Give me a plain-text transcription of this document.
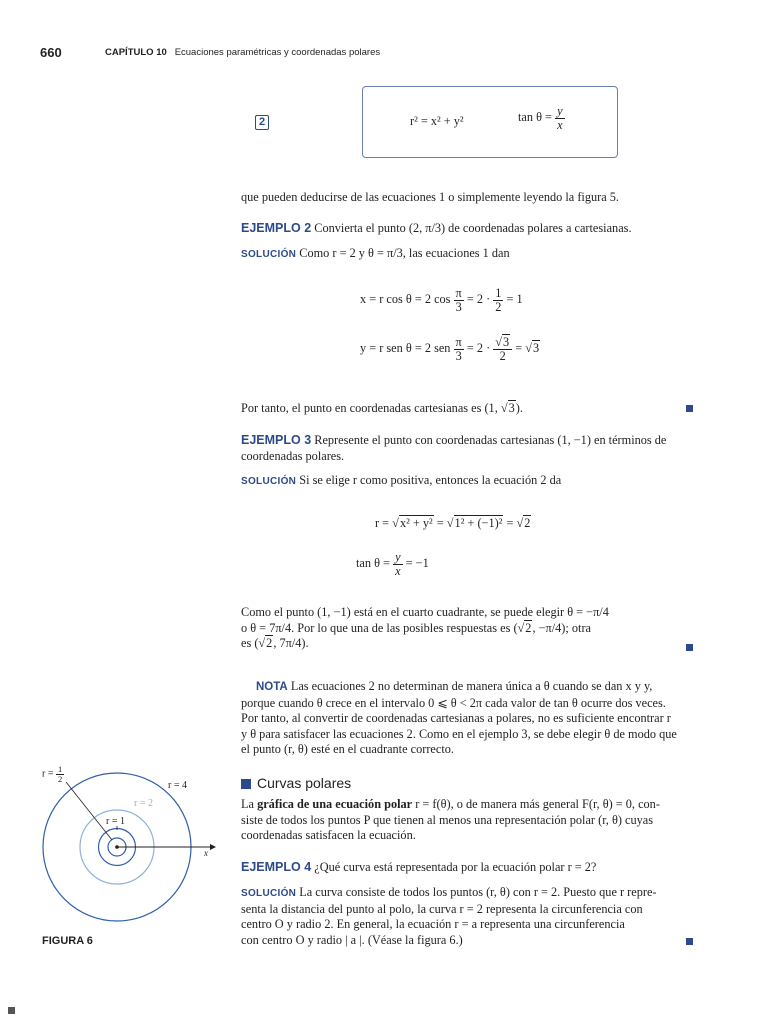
660	CAPÍTULO 10 Ecuaciones paramétricas y coordenadas polares
2	r² = x² + y²	$\tan \theta = \frac{y}{x}$
que pueden deducirse de las ecuaciones 1 o simplemente leyendo la figura 5.
EJEMPLO 2 Convierta el punto (2, π/3) de coordenadas polares a cartesianas.
SOLUCIÓN Como r = 2 y θ = π/3, las ecuaciones 1 dan
x = r cos θ = 2 $\cos \frac{\pi}{3} = 2 \cdot \frac{1}{2} = 1$
y = r sen θ = 2 sen $\frac{\pi}{3} = 2 \cdot \frac{√3}{2} = √3$
Por tanto, el punto en coordenadas cartesianas es (1, √3).
EJEMPLO 3 Represente el punto con coordenadas cartesianas (1, −1) en términos de
coordenadas polares.
SOLUCIÓN Si se elige r como positiva, entonces la ecuación 2 da
r = √x² + y² = √1² + (−1)² = √2
$\tan \theta = \frac{y}{x} = -1$
Como el punto (1, −1) está en el cuarto cuadrante, se puede elegir θ = −π/4
o θ = 7π/4. Por lo que una de las posibles respuestas es (√2, −π/4); otra
es (√2, 7π/4).
NOTA Las ecuaciones 2 no determinan de manera única a θ cuando se dan x y y,
porque cuando θ crece en el intervalo 0 ⩽ θ < 2π cada valor de tan θ ocurre dos veces.
Por tanto, al convertir de coordenadas cartesianas a polares, no es suficiente encontrar r
y θ para satisfacer las ecuaciones 2. Como en el ejemplo 3, se debe elegir θ de modo que
el punto (r, θ) esté en el cuadrante correcto.
Curvas polares
La gráfica de una ecuación polar r = f(θ), o de manera más general F(r, θ) = 0, con-
siste de todos los puntos P que tienen al menos una representación polar (r, θ) cuyas
coordenadas satisfacen la ecuación.
EJEMPLO 4 ¿Qué curva está representada por la ecuación polar r = 2?
SOLUCIÓN La curva consiste de todos los puntos (r, θ) con r = 2. Puesto que r repre-
senta la distancia del punto al polo, la curva r = 2 representa la circunferencia con
centro O y radio 2. En general, la ecuación r = a representa una circunferencia
con centro O y radio | a |. (Véase la figura 6.)
$r = \frac{1}{2}$
r = 4
r = 2
r = 1
x
FIGURA 6
